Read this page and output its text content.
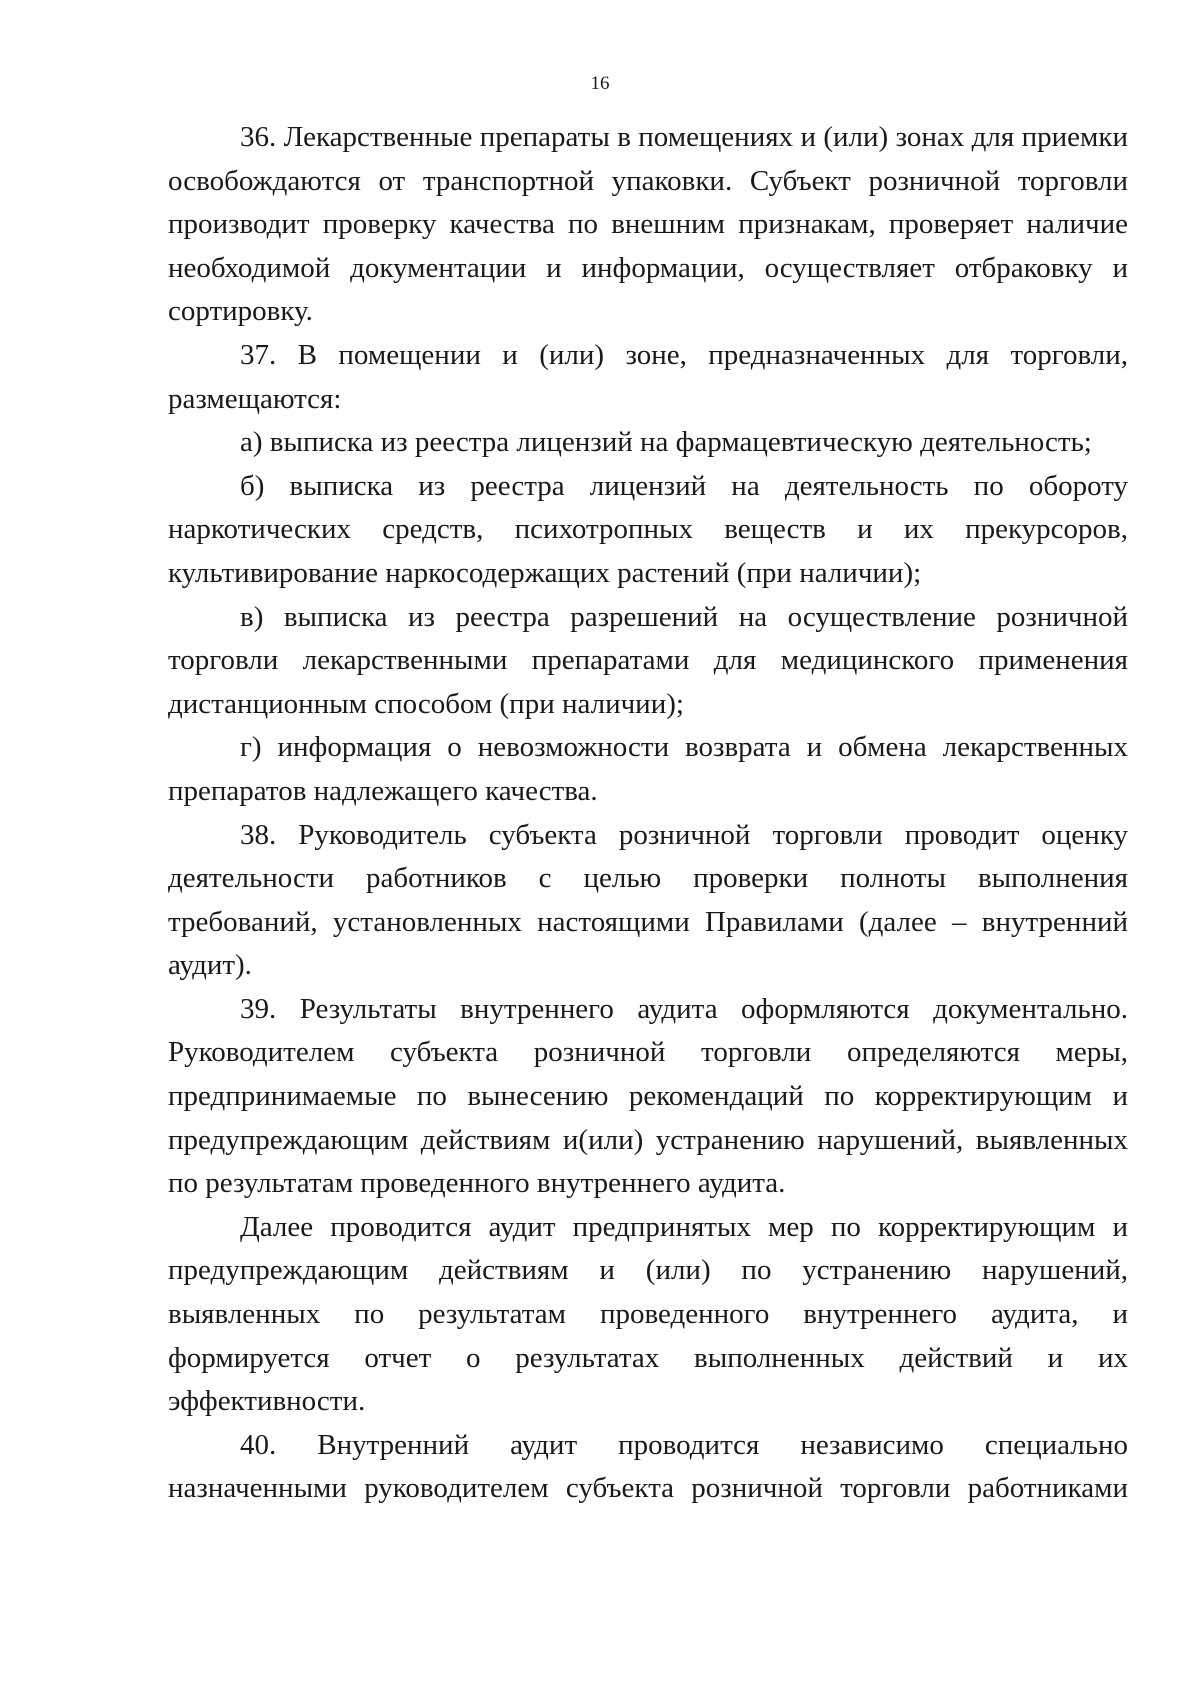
16

36. Лекарственные препараты в помещениях и (или) зонах для приемки освобождаются от транспортной упаковки. Субъект розничной торговли производит проверку качества по внешним признакам, проверяет наличие необходимой документации и информации, осуществляет отбраковку и сортировку.

37. В помещении и (или) зоне, предназначенных для торговли, размещаются:

а) выписка из реестра лицензий на фармацевтическую деятельность;

б) выписка из реестра лицензий на деятельность по обороту наркотических средств, психотропных веществ и их прекурсоров, культивирование наркосодержащих растений (при наличии);

в) выписка из реестра разрешений на осуществление розничной торговли лекарственными препаратами для медицинского применения дистанционным способом (при наличии);

г) информация о невозможности возврата и обмена лекарственных препаратов надлежащего качества.

38. Руководитель субъекта розничной торговли проводит оценку деятельности работников с целью проверки полноты выполнения требований, установленных настоящими Правилами (далее – внутренний аудит).

39. Результаты внутреннего аудита оформляются документально. Руководителем субъекта розничной торговли определяются меры, предпринимаемые по вынесению рекомендаций по корректирующим и предупреждающим действиям и(или) устранению нарушений, выявленных по результатам проведенного внутреннего аудита.

Далее проводится аудит предпринятых мер по корректирующим и предупреждающим действиям и (или) по устранению нарушений, выявленных по результатам проведенного внутреннего аудита, и формируется отчет о результатах выполненных действий и их эффективности.

40. Внутренний аудит проводится независимо специально назначенными руководителем субъекта розничной торговли работниками
